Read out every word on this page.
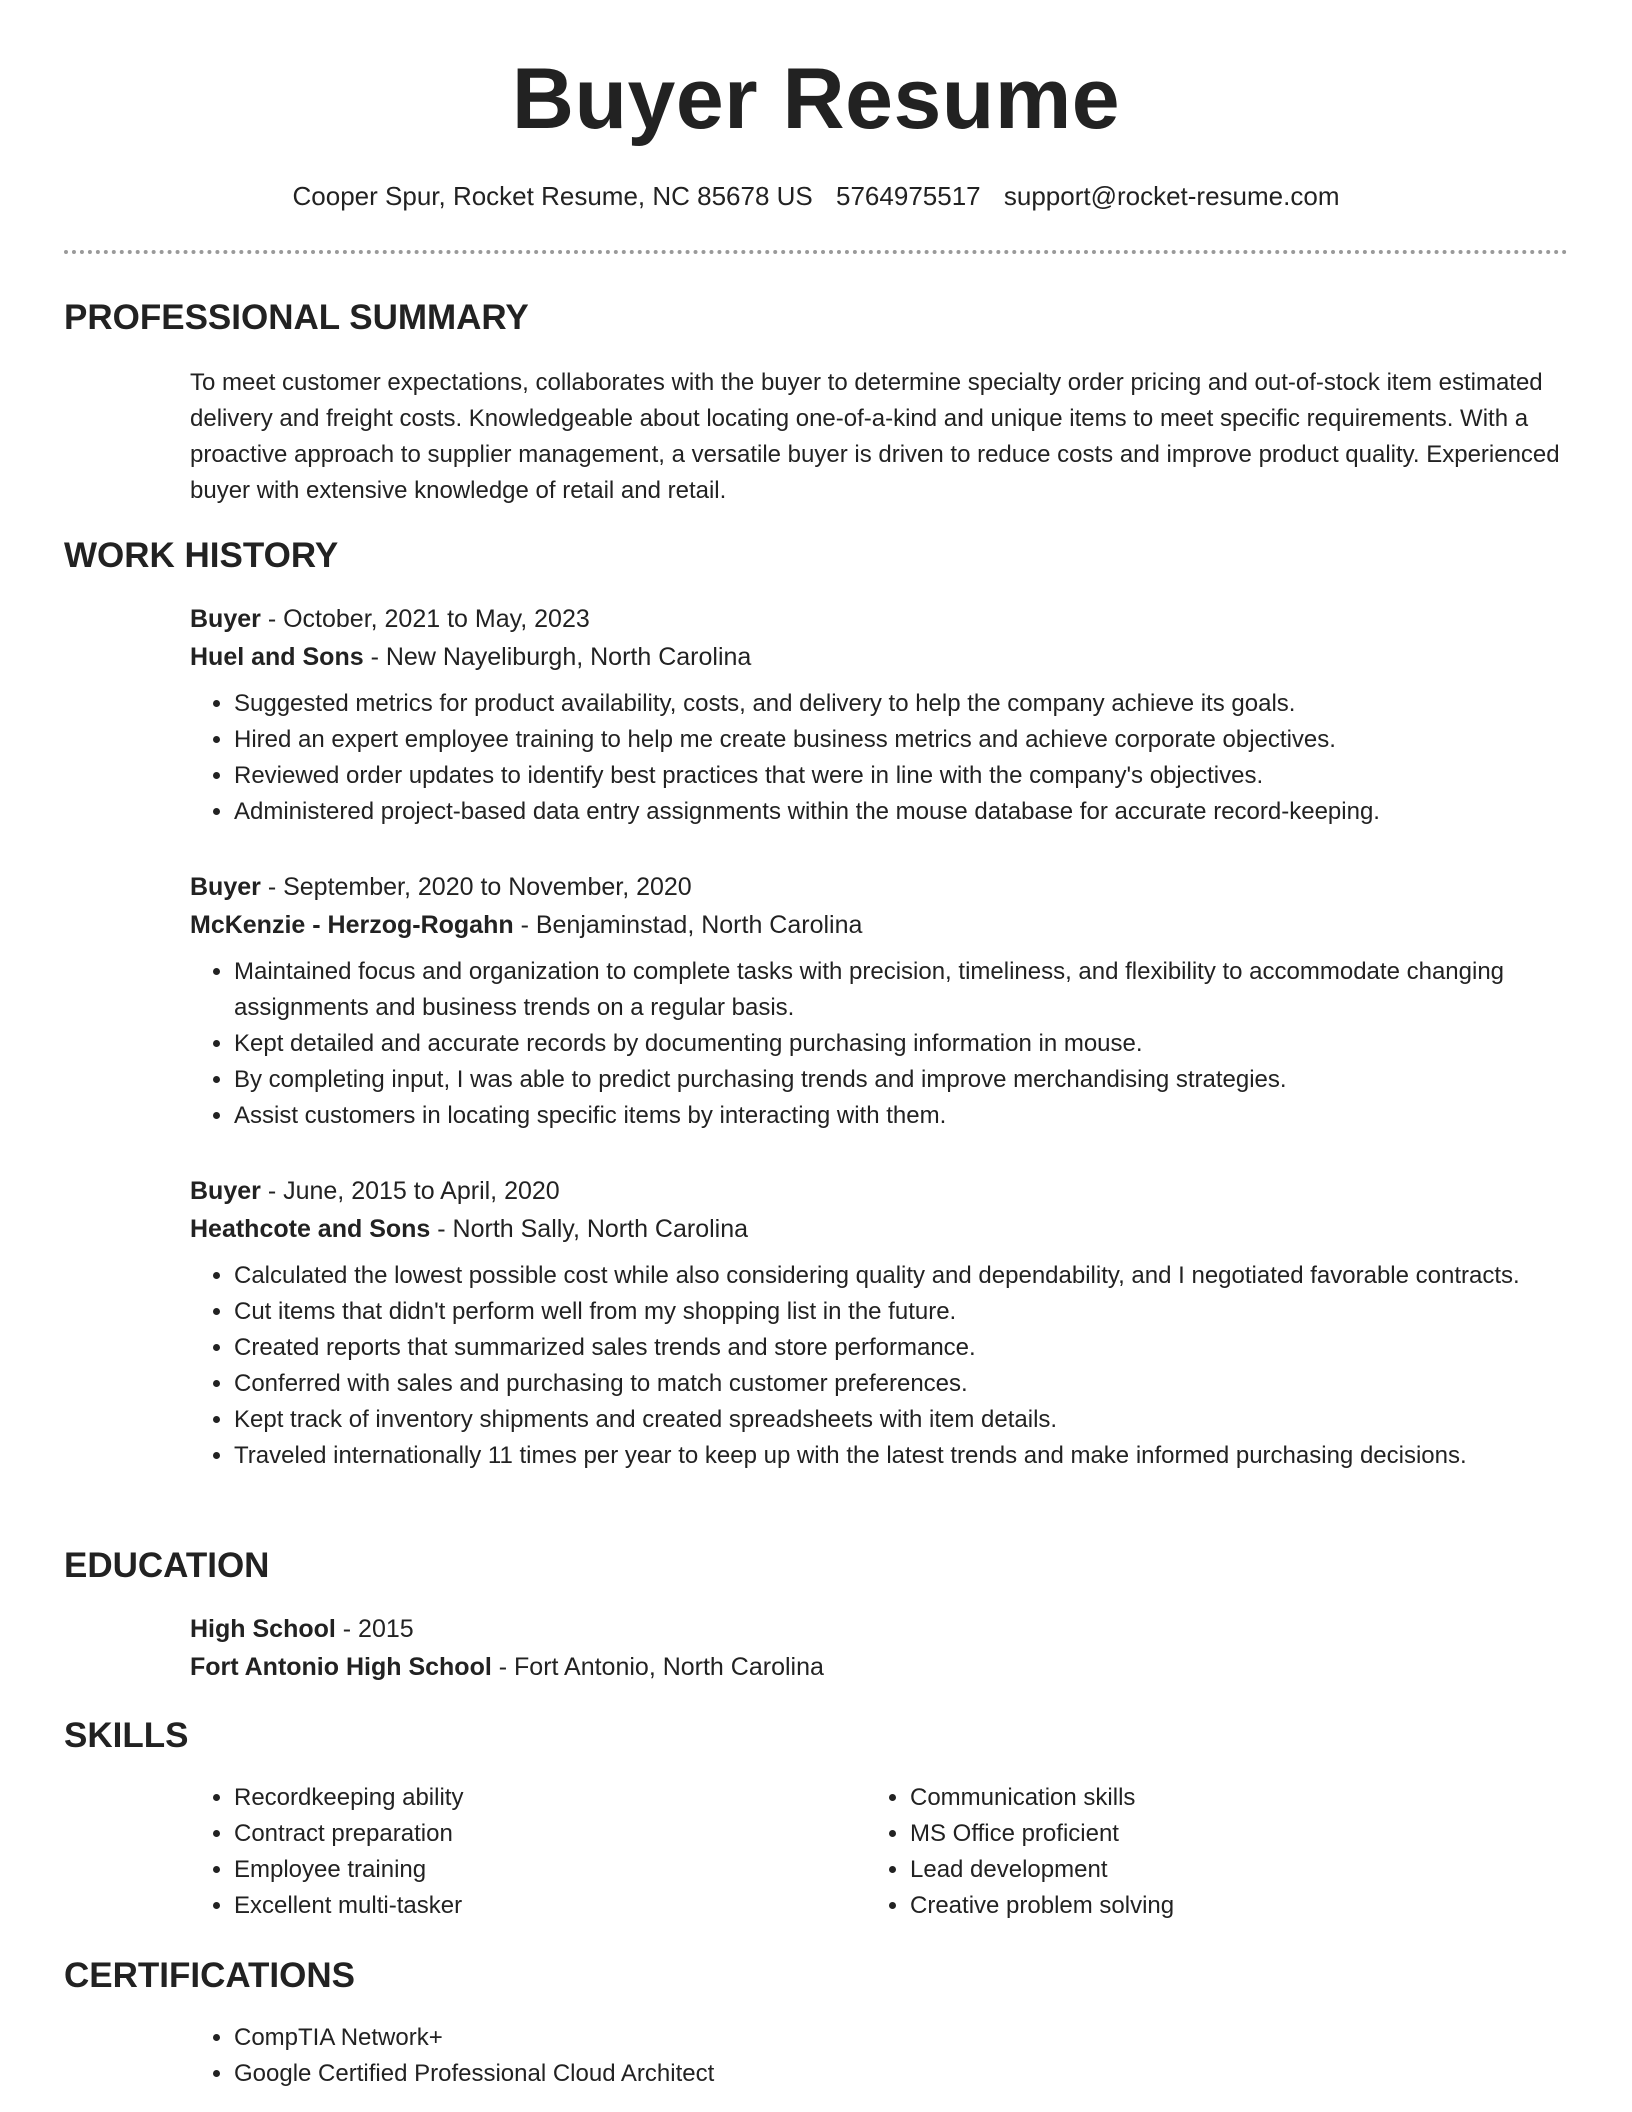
Buyer Resume
Cooper Spur, Rocket Resume, NC 85678 US 5764975517 support@rocket-resume.com
PROFESSIONAL SUMMARY
To meet customer expectations, collaborates with the buyer to determine specialty order pricing and out-of-stock item estimated delivery and freight costs. Knowledgeable about locating one-of-a-kind and unique items to meet specific requirements. With a proactive approach to supplier management, a versatile buyer is driven to reduce costs and improve product quality. Experienced buyer with extensive knowledge of retail and retail.
WORK HISTORY
Buyer - October, 2021 to May, 2023
Huel and Sons - New Nayeliburgh, North Carolina
• Suggested metrics for product availability, costs, and delivery to help the company achieve its goals.
• Hired an expert employee training to help me create business metrics and achieve corporate objectives.
• Reviewed order updates to identify best practices that were in line with the company's objectives.
• Administered project-based data entry assignments within the mouse database for accurate record-keeping.
Buyer - September, 2020 to November, 2020
McKenzie - Herzog-Rogahn - Benjaminstad, North Carolina
• Maintained focus and organization to complete tasks with precision, timeliness, and flexibility to accommodate changing assignments and business trends on a regular basis.
• Kept detailed and accurate records by documenting purchasing information in mouse.
• By completing input, I was able to predict purchasing trends and improve merchandising strategies.
• Assist customers in locating specific items by interacting with them.
Buyer - June, 2015 to April, 2020
Heathcote and Sons - North Sally, North Carolina
• Calculated the lowest possible cost while also considering quality and dependability, and I negotiated favorable contracts.
• Cut items that didn't perform well from my shopping list in the future.
• Created reports that summarized sales trends and store performance.
• Conferred with sales and purchasing to match customer preferences.
• Kept track of inventory shipments and created spreadsheets with item details.
• Traveled internationally 11 times per year to keep up with the latest trends and make informed purchasing decisions.
EDUCATION
High School - 2015
Fort Antonio High School - Fort Antonio, North Carolina
SKILLS
• Recordkeeping ability
• Contract preparation
• Employee training
• Excellent multi-tasker
• Communication skills
• MS Office proficient
• Lead development
• Creative problem solving
CERTIFICATIONS
• CompTIA Network+
• Google Certified Professional Cloud Architect
